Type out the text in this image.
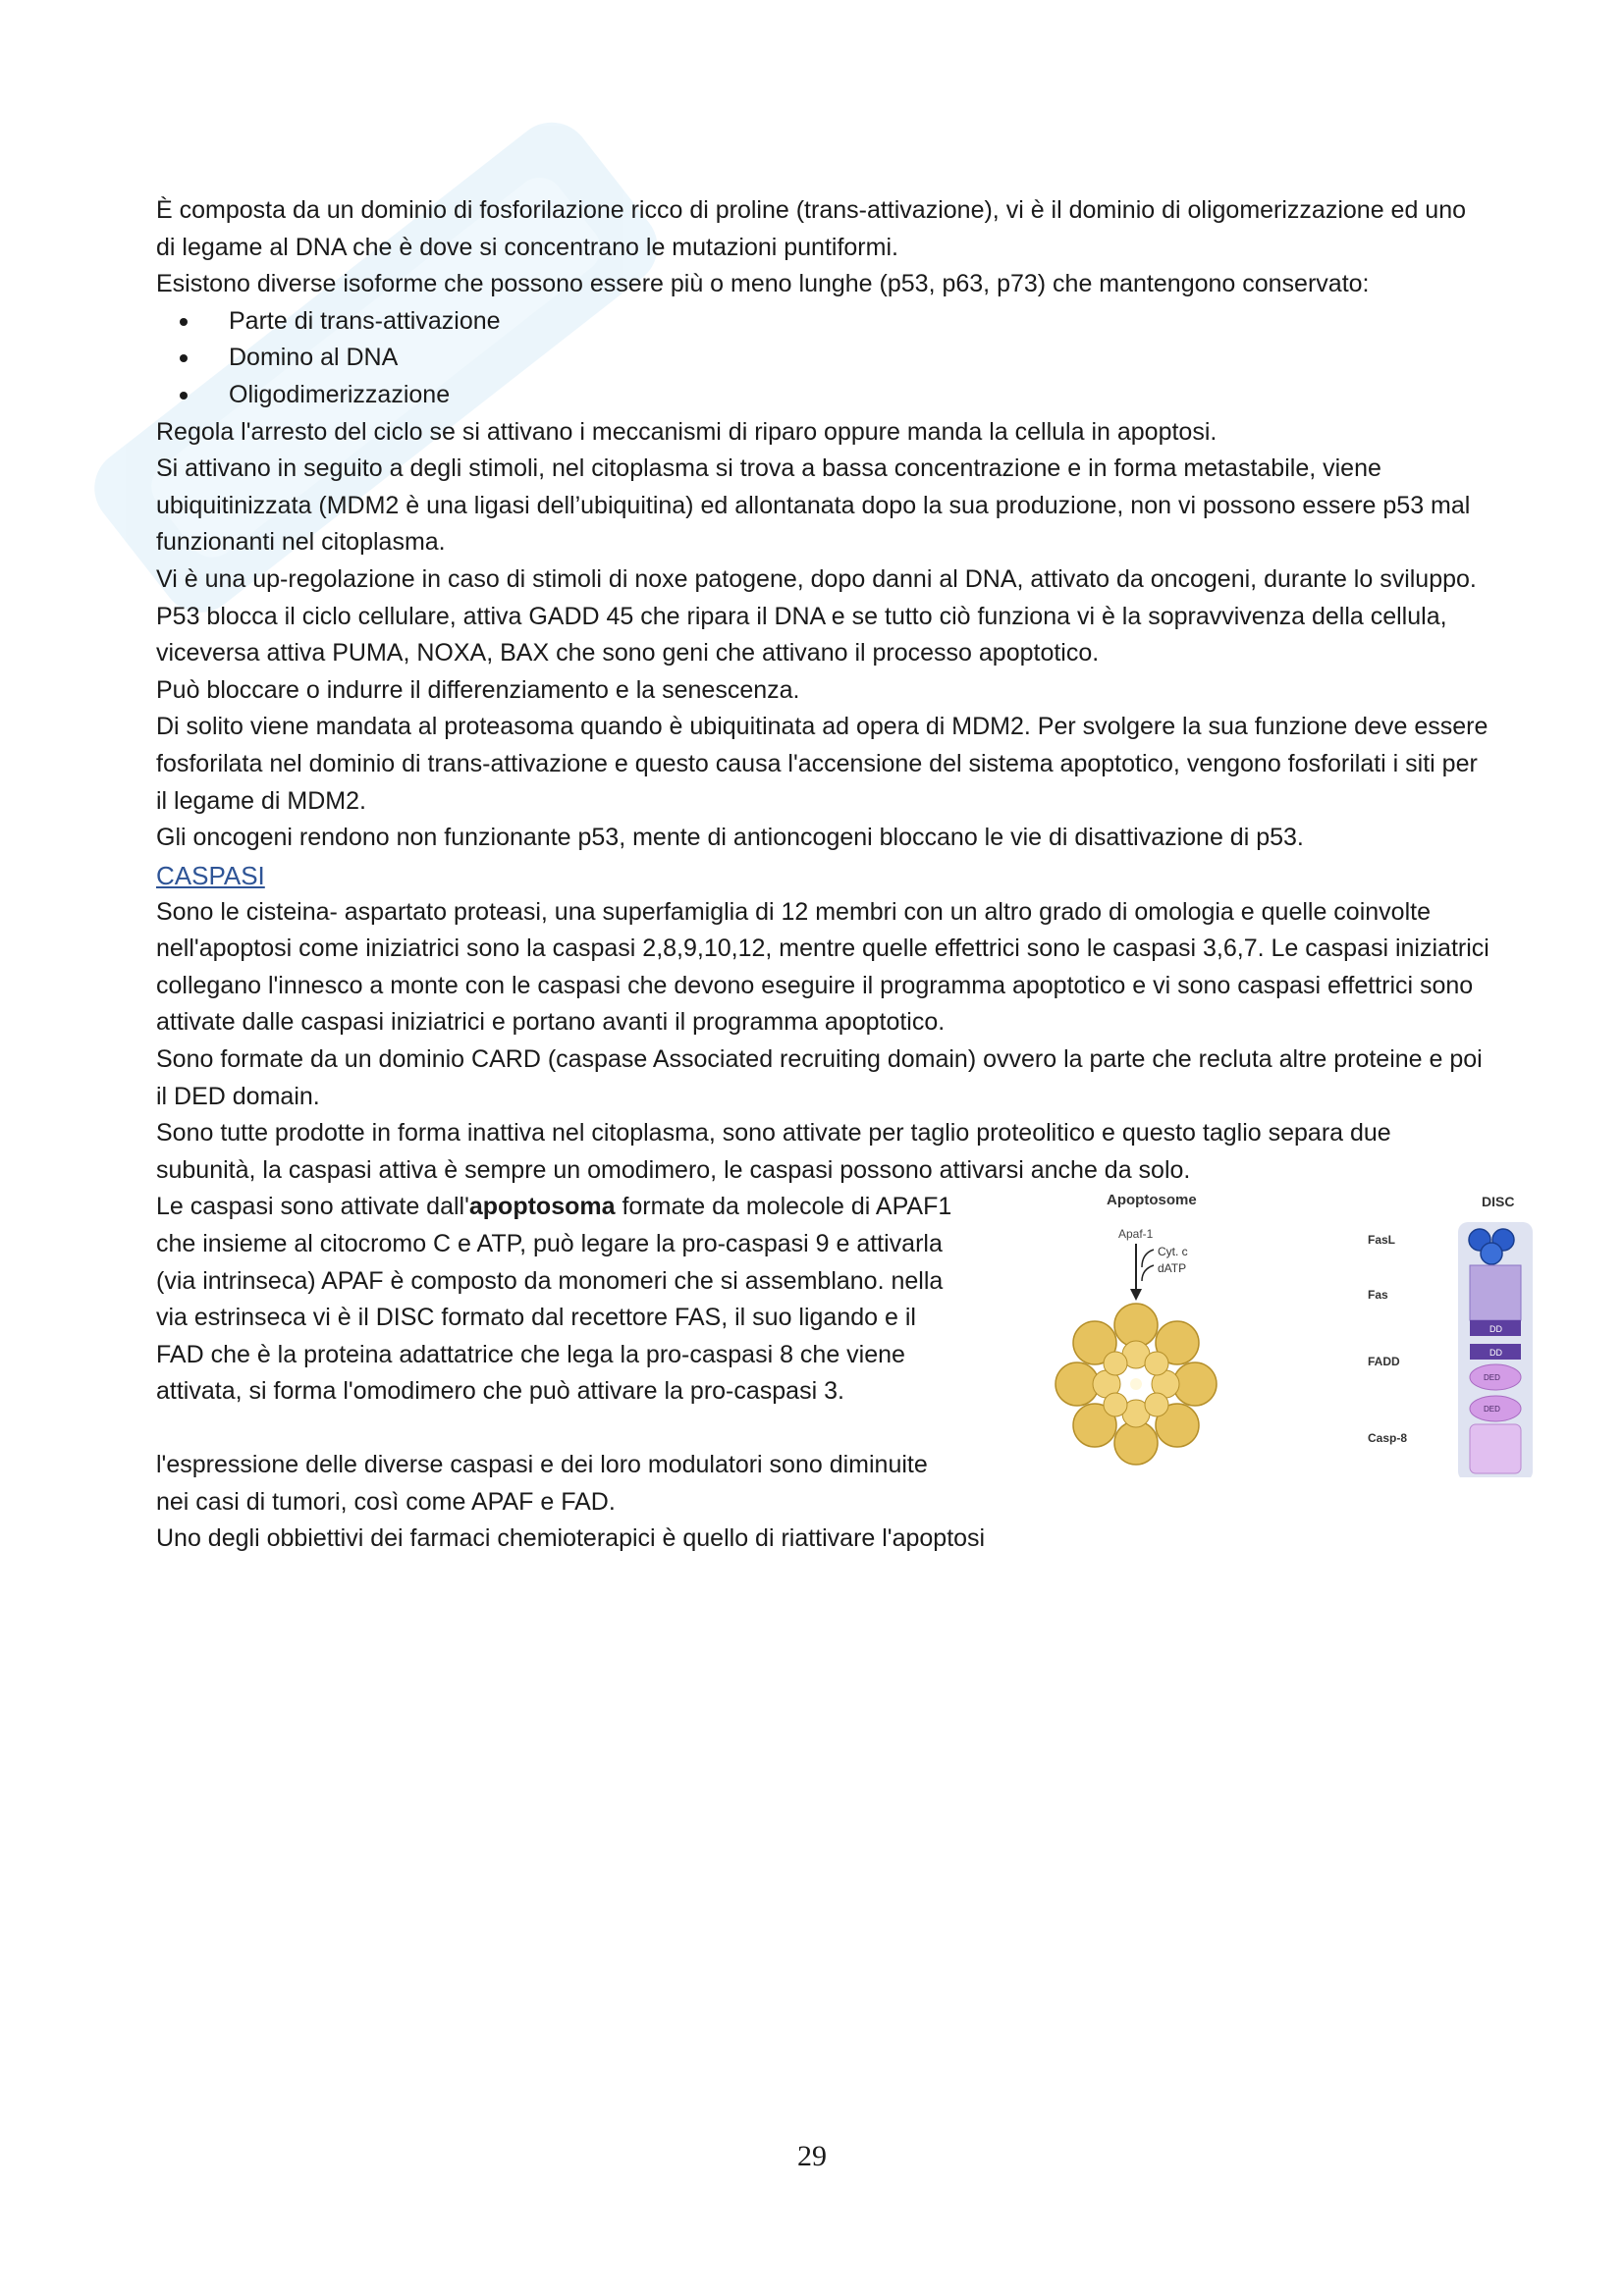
È composta da un dominio di fosforilazione ricco di proline (trans-attivazione), vi è il dominio di oligomerizzazione ed uno di legame al DNA che è dove si concentrano le mutazioni puntiformi.

Esistono diverse isoforme che possono essere più o meno lunghe (p53, p63, p73) che mantengono conservato:

Parte di trans-attivazione
Domino al DNA
Oligodimerizzazione

Regola l'arresto del ciclo se si attivano i meccanismi di riparo oppure manda la cellula in apoptosi.

Si attivano in seguito a degli stimoli, nel citoplasma si trova a bassa concentrazione e in forma metastabile, viene ubiquitinizzata (MDM2 è una ligasi dell’ubiquitina) ed allontanata dopo la sua produzione, non vi possono essere p53 mal funzionanti nel citoplasma.

Vi è una up-regolazione in caso di stimoli di noxe patogene, dopo danni al DNA, attivato da oncogeni, durante lo sviluppo.

P53 blocca il ciclo cellulare, attiva GADD 45 che ripara il DNA e se tutto ciò funziona vi è la sopravvivenza della cellula, viceversa attiva PUMA, NOXA, BAX che sono geni che attivano il processo apoptotico.

Può bloccare o indurre il differenziamento e la senescenza.

Di solito viene mandata al proteasoma quando è ubiquitinata ad opera di MDM2. Per svolgere la sua funzione deve essere fosforilata nel dominio di trans-attivazione e questo causa l'accensione del sistema apoptotico, vengono fosforilati i siti per il legame di MDM2.

Gli oncogeni rendono non funzionante p53, mente di antioncogeni bloccano le vie di disattivazione di p53.

CASPASI

Sono le cisteina- aspartato proteasi, una superfamiglia di 12 membri con un altro grado di omologia e quelle coinvolte nell'apoptosi come iniziatrici sono la caspasi 2,8,9,10,12, mentre quelle effettrici sono le caspasi 3,6,7. Le caspasi iniziatrici collegano l'innesco a monte con le caspasi che devono eseguire il programma apoptotico e vi sono caspasi effettrici sono attivate dalle caspasi iniziatrici e portano avanti il programma apoptotico.

Sono formate da un dominio CARD (caspase Associated recruiting domain) ovvero la parte che recluta altre proteine e poi il DED domain.

Sono tutte prodotte in forma inattiva nel citoplasma, sono attivate per taglio proteolitico e questo taglio separa due subunità, la caspasi attiva è sempre un omodimero, le caspasi possono attivarsi anche da solo.

Le caspasi sono attivate dall'apoptosoma formate da molecole di APAF1 che insieme al citocromo C e ATP, può legare la pro-caspasi 9 e attivarla (via intrinseca) APAF è composto da monomeri che si assemblano. nella via estrinseca vi è il DISC formato dal recettore FAS, il suo ligando e il FAD che è la proteina adattatrice che lega la pro-caspasi 8 che viene attivata, si forma l'omodimero che può attivare la pro-caspasi 3.

l'espressione delle diverse caspasi e dei loro modulatori sono diminuite nei casi di tumori, così come APAF e FAD.

Apoptosome
Apaf-1
Cyt. c
dATP
DISC
FasL
Fas
FADD
Casp-8
DD
DD
DED
DED

Uno degli obbiettivi dei farmaci chemioterapici è quello di riattivare l'apoptosi

29
